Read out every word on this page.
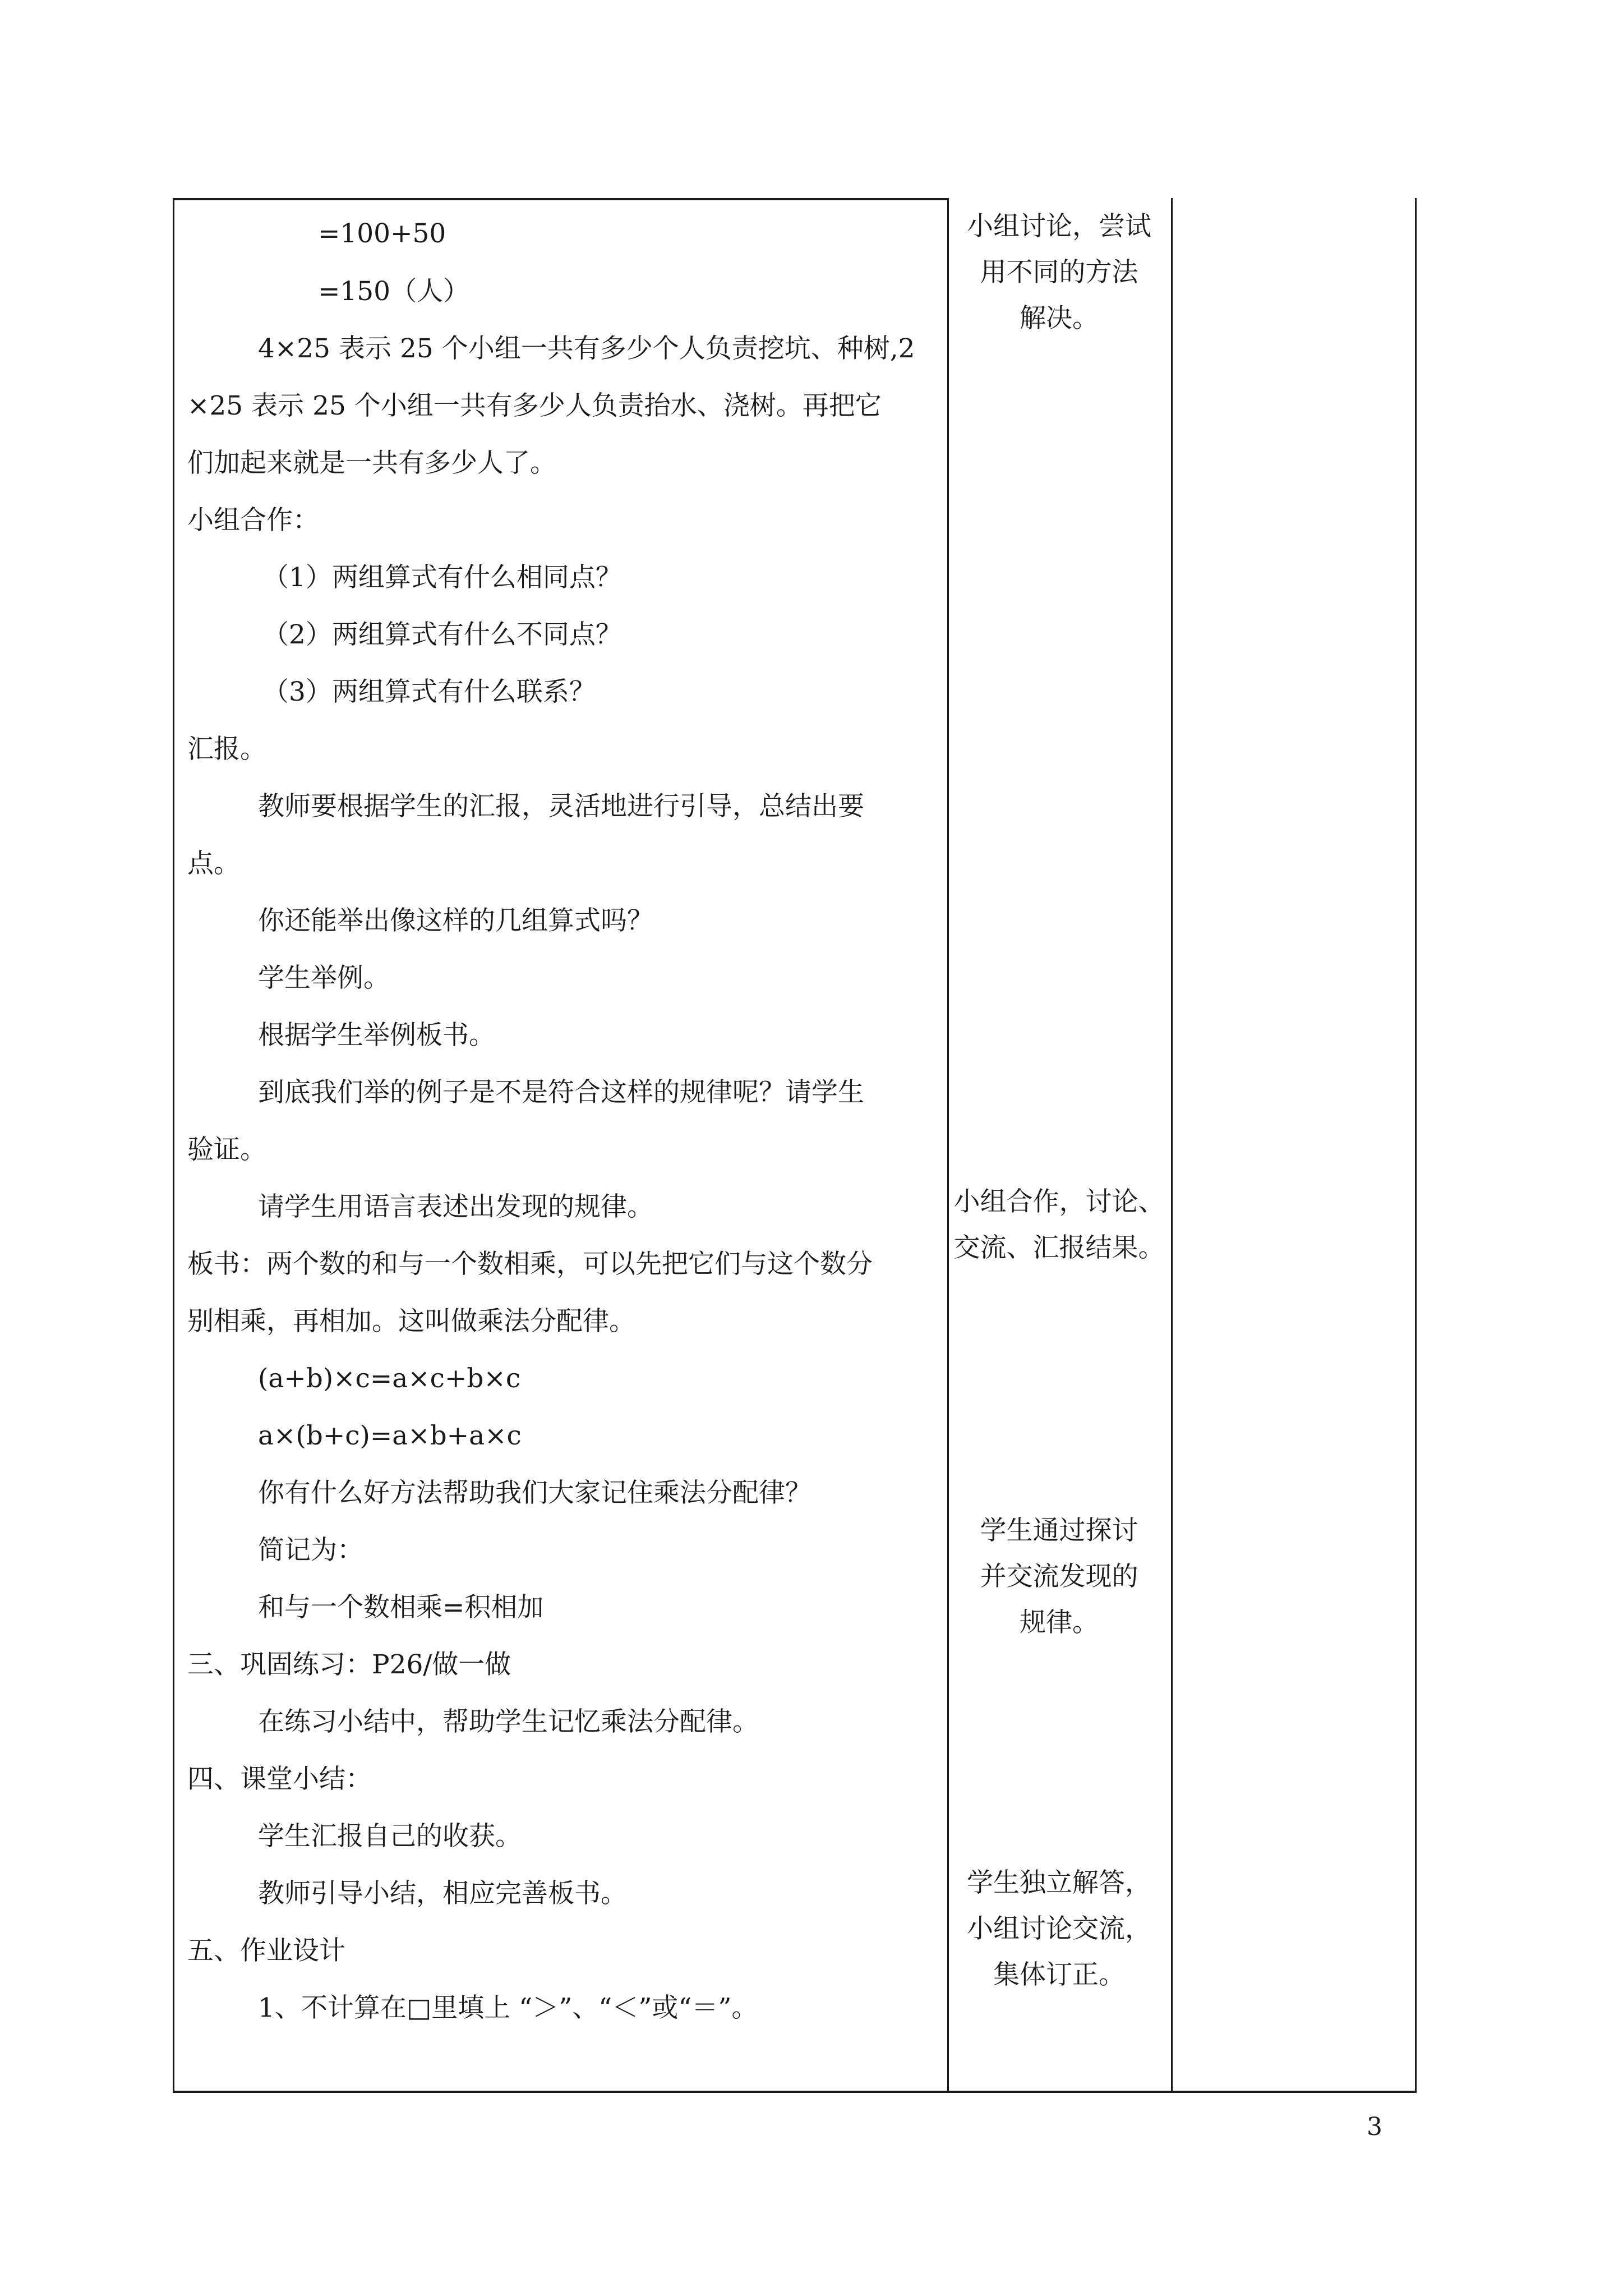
=100+50
=150（人）
4×25 表示 25 个小组一共有多少个人负责挖坑、种树,2
×25 表示 25 个小组一共有多少人负责抬水、浇树。再把它
们加起来就是一共有多少人了。
小组合作：
（1）两组算式有什么相同点？
（2）两组算式有什么不同点？
（3）两组算式有什么联系？
汇报。
教师要根据学生的汇报，灵活地进行引导，总结出要
点。
你还能举出像这样的几组算式吗？
学生举例。
根据学生举例板书。
到底我们举的例子是不是符合这样的规律呢？请学生
验证。
请学生用语言表述出发现的规律。
板书：两个数的和与一个数相乘，可以先把它们与这个数分
别相乘，再相加。这叫做乘法分配律。
(a+b)×c=a×c+b×c
a×(b+c)=a×b+a×c
你有什么好方法帮助我们大家记住乘法分配律？
简记为：
和与一个数相乘=积相加
三、巩固练习：P26/做一做
在练习小结中，帮助学生记忆乘法分配律。
四、课堂小结：
学生汇报自己的收获。
教师引导小结，相应完善板书。
五、作业设计
1、不计算在□里填上 “＞”、“＜”或“＝”。
小组讨论，尝试
用不同的方法
解决。
小组合作，讨论、
交流、汇报结果。
学生通过探讨
并交流发现的
规律。
学生独立解答，
小组讨论交流，
集体订正。
3
